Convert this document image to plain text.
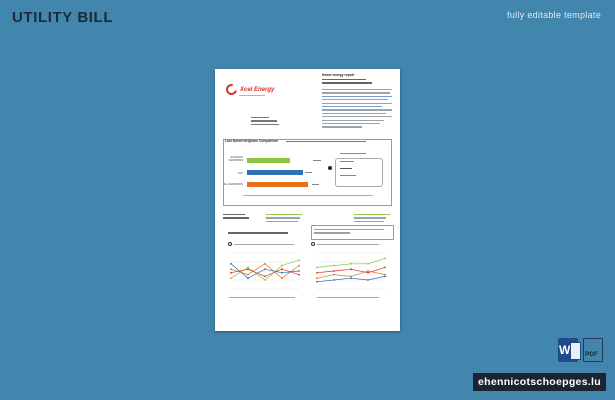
UTILITY BILL	fully editable template
Xcel Energy
Home energy report
Last Month Neighbor Comparison
EFFICIENT NEIGHBORS
YOU
ALL NEIGHBORS
W PDF
ehennicotschoepges.lu
